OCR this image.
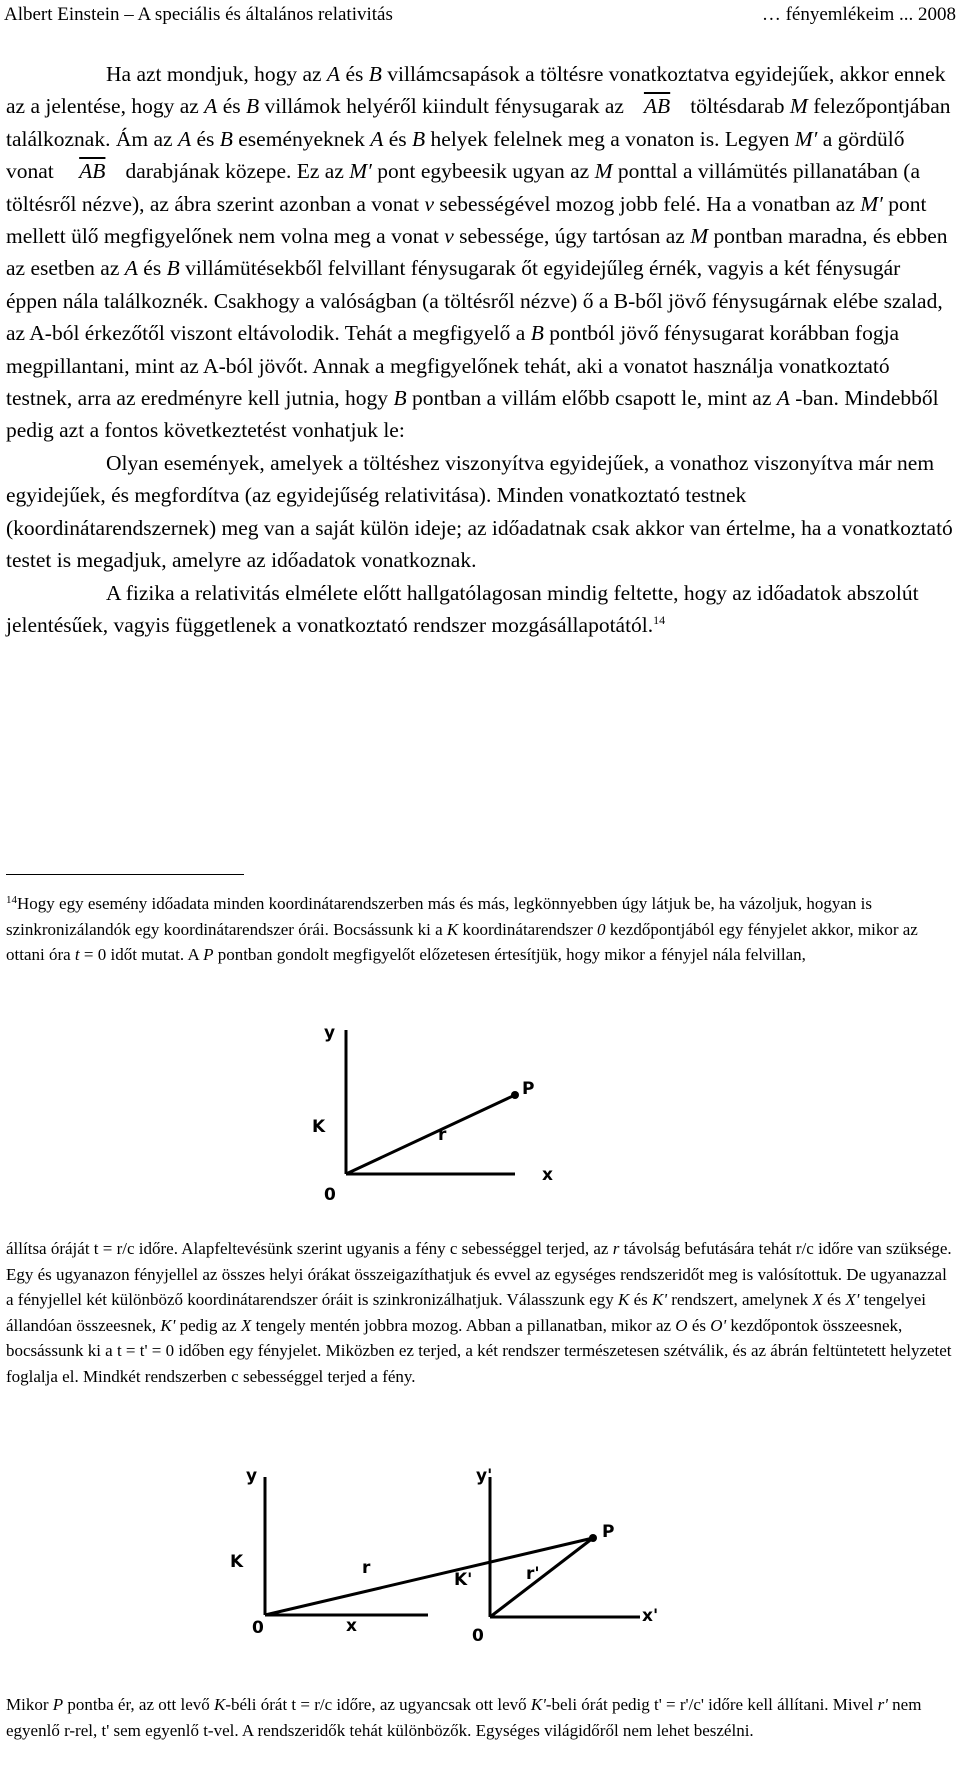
Albert Einstein – A speciális és általános relativitás	… fényemlékeim ... 2008

Ha azt mondjuk, hogy az A és B villámcsapások a töltésre vonatkoztatva egyidejűek, akkor ennek az a jelentése, hogy az A és B villámok helyéről kiindult fénysugarak az $\overline{AB}$ töltésdarab M felezőpontjában találkoznak. Ám az A és B eseményeknek A és B helyek felelnek meg a vonaton is. Legyen M′ a gördülő vonat $\overline{AB}$ darabjának közepe. Ez az M′ pont egybeesik ugyan az M ponttal a villámütés pillanatában (a töltésről nézve), az ábra szerint azonban a vonat v sebességével mozog jobb felé. Ha a vonatban az M′ pont mellett ülő megfigyelőnek nem volna meg a vonat v sebessége, úgy tartósan az M pontban maradna, és ebben az esetben az A és B villámütésekből felvillant fénysugarak őt egyidejűleg érnék, vagyis a két fénysugár éppen nála találkoznék. Csakhogy a valóságban (a töltésről nézve) ő a B-ből jövő fénysugárnak elébe szalad, az A-ból érkezőtől viszont eltávolodik. Tehát a megfigyelő a B pontból jövő fénysugarat korábban fogja megpillantani, mint az A-ból jövőt. Annak a megfigyelőnek tehát, aki a vonatot használja vonatkoztató testnek, arra az eredményre kell jutnia, hogy B pontban a villám előbb csapott le, mint az A -ban. Mindebből pedig azt a fontos következtetést vonhatjuk le:

Olyan események, amelyek a töltéshez viszonyítva egyidejűek, a vonathoz viszonyítva már nem egyidejűek, és megfordítva (az egyidejűség relativitása). Minden vonatkoztató testnek (koordinátarendszernek) meg van a saját külön ideje; az időadatnak csak akkor van értelme, ha a vonatkoztató testet is megadjuk, amelyre az időadatok vonatkoznak.

A fizika a relativitás elmélete előtt hallgatólagosan mindig feltette, hogy az időadatok abszolút jelentésűek, vagyis függetlenek a vonatkoztató rendszer mozgásállapotától.$^{14}$

$^{14}$Hogy egy esemény időadata minden koordinátarendszerben más és más, legkönnyebben úgy látjuk be, ha vázoljuk, hogyan is szinkronizálandók egy koordinátarendszer órái. Bocsássunk ki a K koordinátarendszer 0 kezdőpontjából egy fényjelet akkor, mikor az ottani óra t = 0 időt mutat. A P pontban gondolt megfigyelőt előzetesen értesítjük, hogy mikor a fényjel nála felvillan,

y
K	r
P
x
0

állítsa óráját t = r/c időre. Alapfeltevésünk szerint ugyanis a fény c sebességgel terjed, az r távolság befutására tehát r/c időre van szüksége. Egy és ugyanazon fényjellel az összes helyi órákat összeigazíthatjuk és evvel az egységes rendszeridőt meg is valósítottuk. De ugyanazzal a fényjellel két különböző koordinátarendszer óráit is szinkronizálhatjuk. Válasszunk egy K és K' rendszert, amelynek X és X' tengelyei állandóan összeesnek, K' pedig az X tengely mentén jobbra mozog. Abban a pillanatban, mikor az O és O' kezdőpontok összeesnek, bocsássunk ki a t = t' = 0 időben egy fényjelet. Miközben ez terjed, a két rendszer természetesen szétválik, és az ábrán feltüntetett helyzetet foglalja el. Mindkét rendszerben c sebességgel terjed a fény.

y
K	r
x
0
y'
P
K'	r'
x'
0

Mikor P pontba ér, az ott levő K-béli órát t = r/c időre, az ugyancsak ott levő K'-beli órát pedig t' = r'/c' időre kell állítani. Mivel r' nem egyenlő r-rel, t' sem egyenlő t-vel. A rendszeridők tehát különbözők. Egységes világidőről nem lehet beszélni.
